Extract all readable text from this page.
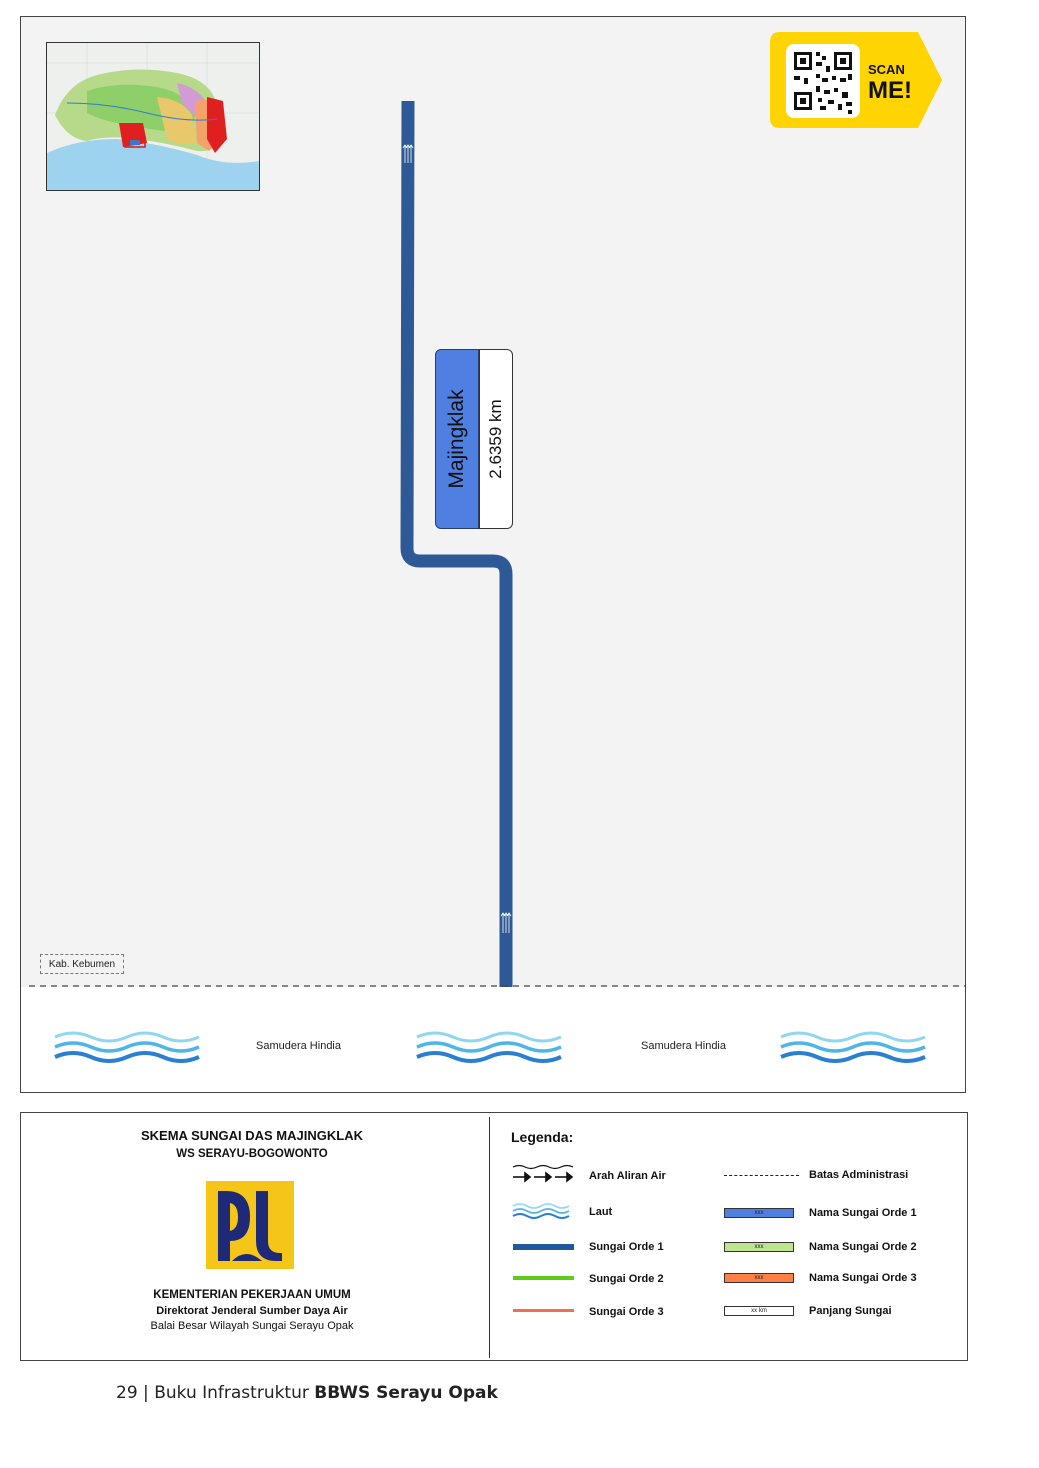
Samudera Hindia	Samudera Hindia
Kab. Kebumen
SCAN
ME!
Majingklak 2.6359 km
SKEMA SUNGAI DAS MAJINGKLAK
WS SERAYU-BOGOWONTO
KEMENTERIAN PEKERJAAN UMUM
Direktorat Jenderal Sumber Daya Air
Balai Besar Wilayah Sungai Serayu Opak
Legenda:
Arah Aliran Air
Laut
Sungai Orde 1
Sungai Orde 2
Sungai Orde 3
Batas Administrasi
xxx	Nama Sungai Orde 1
xxx	Nama Sungai Orde 2
xxx	Nama Sungai Orde 3
xx km	Panjang Sungai
29 | Buku Infrastruktur BBWS Serayu Opak
